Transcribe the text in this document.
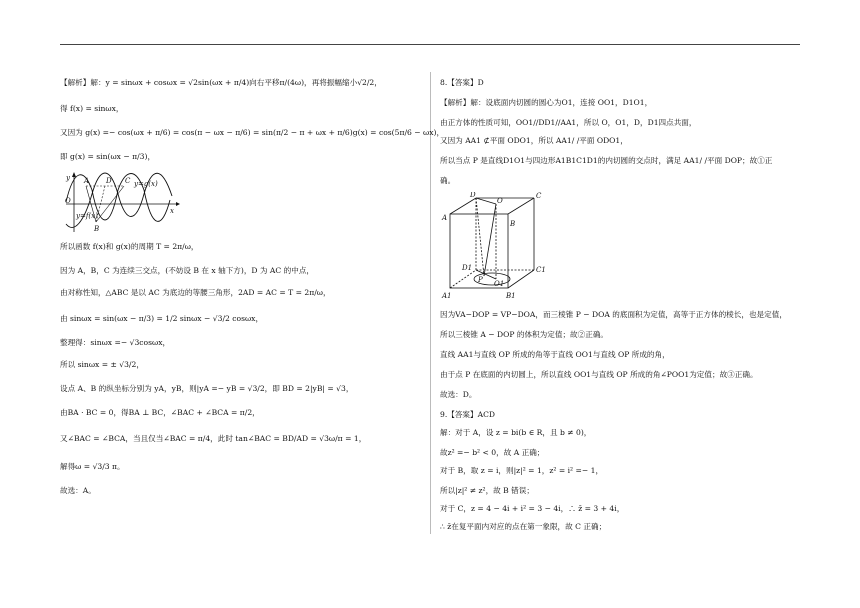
【解析】解：y = sinωx + cosωx = √2sin(ωx + π/4)向右平移π/(4ω)，再将振幅缩小√2/2，
得 f(x) = sinωx，
又因为 g(x) =− cos(ωx + π/6) = cos(π − ωx − π/6) = sin(π/2 − π + ωx + π/6)g(x) = cos(5π/6 − ωx)，
即 g(x) = sin(ωx − π/3)，
y A D C y=g(x)
O
x
y=f(x)
B
所以函数 f(x)和 g(x)的周期 T = 2π/ω，
因为 A，B，C 为连续三交点，(不妨设 B 在 x 轴下方)，D 为 AC 的中点，
由对称性知，△ABC 是以 AC 为底边的等腰三角形，2AD = AC = T = 2π/ω，
由 sinωx = sin(ωx − π/3) = 1/2 sinωx − √3/2 cosωx，
整理得：sinωx =− √3cosωx，
所以 sinωx = ± √3/2，
设点 A、B 的纵坐标分别为 yA，yB，则|yA =− yB = √3/2，即 BD = 2|yB| = √3，
由BA · BC = 0，得BA ⊥ BC，∠BAC + ∠BCA = π/2，
又∠BAC = ∠BCA，当且仅当∠BAC = π/4，此时 tan∠BAC = BD/AD = √3ω/π = 1，
解得ω = √3/3 π。
故选：A。
8.【答案】D
【解析】解：设底面内切圆的圆心为O1，连接 OO1，D1O1，
由正方体的性质可知，OO1//DD1//AA1，所以 O，O1，D，D1四点共面，
又因为 AA1 ⊄平面 ODO1，所以 AA1/ /平面 ODO1，
所以当点 P 是直线D1O1与四边形A1B1C1D1的内切圆的交点时，满足 AA1/ /平面 DOP；故①正
确。
D
O
C
A
B
D1
P O1
C1
A1	B1
因为VA−DOP = VP−DOA，而三棱锥 P − DOA 的底面积为定值，高等于正方体的棱长，也是定值，
所以三棱锥 A − DOP 的体积为定值；故②正确。
直线 AA1与直线 OP 所成的角等于直线 OO1与直线 OP 所成的角，
由于点 P 在底面的内切圆上，所以直线 OO1与直线 OP 所成的角∠POO1为定值；故③正确。
故选：D。
9.【答案】ACD
解：对于 A，设 z = bi(b ∈ R，且 b ≠ 0)，
故z² =− b² < 0，故 A 正确；
对于 B，取 z = i，则|z|² = 1，z² = i² =− 1，
所以|z|² ≠ z²，故 B 错误；
对于 C，z = 4 − 4i + i² = 3 − 4i，∴ z̄ = 3 + 4i，
∴ z̄在复平面内对应的点在第一象限，故 C 正确；
